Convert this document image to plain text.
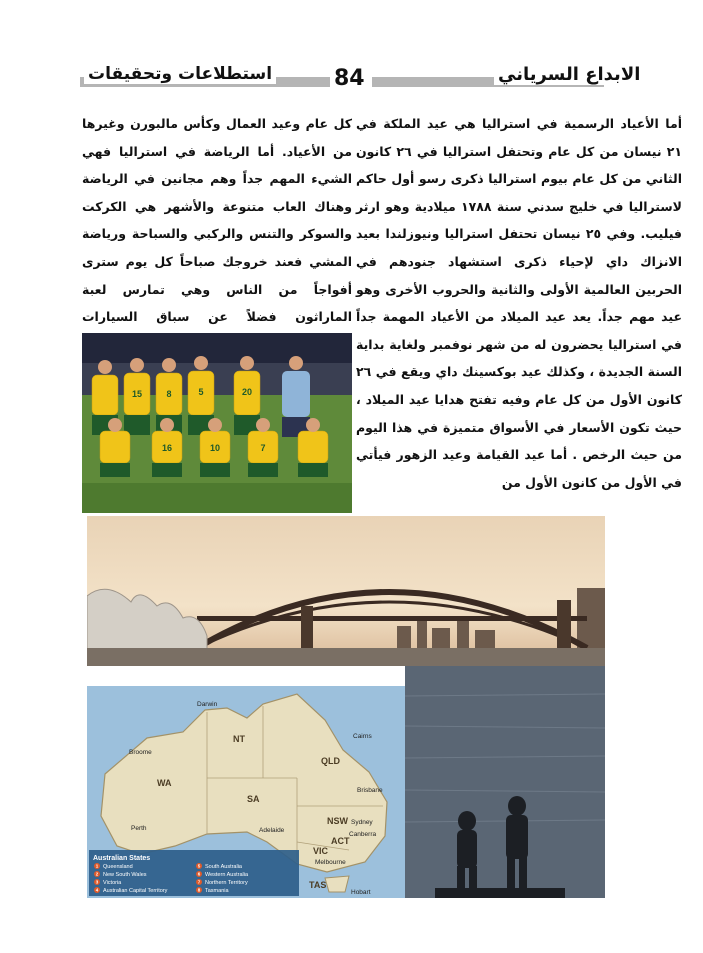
استطلاعات وتحقيقات	84	الابداع السرياني
أما الأعياد الرسمية في استراليا هي عيد الملكة في ٢١ نيسان من كل عام وتحتفل استراليا في ٢٦ كانون الثاني من كل عام بيوم استراليا ذكرى رسو أول حاكم لاستراليا في خليج سدني سنة ١٧٨٨ ميلادية وهو ارثر فيليب. وفي ٢٥ نيسان تحتفل استراليا ونيوزلندا بعيد الانزاك داي لإحياء ذكرى استشهاد جنودهم في الحربين العالمية الأولى والثانية والحروب الأخرى وهو عيد مهم جداً. يعد عيد الميلاد من الأعياد المهمة جداً في استراليا يحضرون له من شهر نوفمبر ولغاية بداية السنة الجديدة ، وكذلك عيد بوكسينك داي ويقع في ٢٦ كانون الأول من كل عام وفيه تفتح هدايا عيد الميلاد ، حيث تكون الأسعار في الأسواق متميزة في هذا اليوم من حيث الرخص . أما عيد القيامة وعيد الزهور فيأتي في الأول من كانون الأول من
كل عام وعيد العمال وكأس مالبورن وغيرها من الأعياد. أما الرياضة في استراليا فهي الشيء المهم جداً وهم مجانين في الرياضة وهناك العاب متنوعة والأشهر هي الكركت والسوكر والتنس والركبي والسباحة ورياضة المشي فعند خروجك صباحاً كل يوم سترى أفواجاً من الناس وهي تمارس لعبة الماراثون فضلاً عن سباق السيارات
20
15	8	5
16	10	7
WA
NT
SA
QLD
NSW
ACT
VIC
TAS
Darwin
Broome
Cairns
Perth	Adelaide
Melbourne
Hobart
Sydney
Canberra
Brisbane
Australian States
Queensland
New South Wales
Victoria
Australian Capital Territory
South Australia
Western Australia
Northern Territory
Tasmania
1
2
3
4
5
6
7
8
